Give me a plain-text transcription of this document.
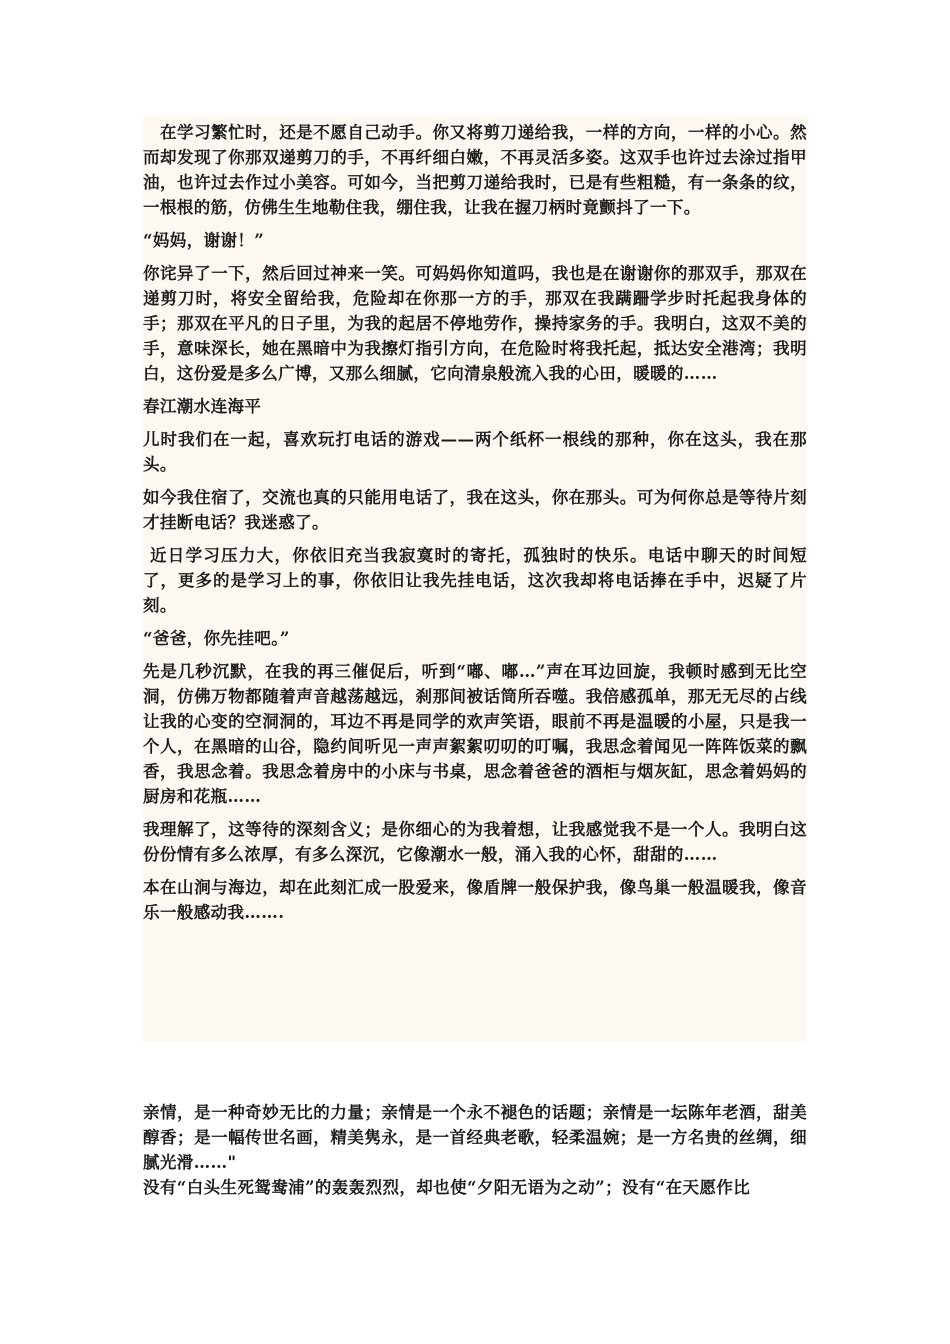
　在学习繁忙时，还是不愿自己动手。你又将剪刀递给我，一样的方向，一样的小心。然而却发现了你那双递剪刀的手，不再纤细白嫩，不再灵活多姿。这双手也许过去涂过指甲油，也许过去作过小美容。可如今，当把剪刀递给我时，已是有些粗糙，有一条条的纹，一根根的筋，仿佛生生地勒住我，绷住我，让我在握刀柄时竟颤抖了一下。

“妈妈，谢谢！”

你诧异了一下，然后回过神来一笑。可妈妈你知道吗，我也是在谢谢你的那双手，那双在递剪刀时，将安全留给我，危险却在你那一方的手，那双在我蹒跚学步时托起我身体的手；那双在平凡的日子里，为我的起居不停地劳作，操持家务的手。我明白，这双不美的手，意味深长，她在黑暗中为我擦灯指引方向，在危险时将我托起，抵达安全港湾；我明白，这份爱是多么广博，又那么细腻，它向清泉般流入我的心田，暖暖的……

春江潮水连海平

儿时我们在一起，喜欢玩打电话的游戏——两个纸杯一根线的那种，你在这头，我在那头。

如今我住宿了，交流也真的只能用电话了，我在这头，你在那头。可为何你总是等待片刻才挂断电话？我迷惑了。

近日学习压力大，你依旧充当我寂寞时的寄托，孤独时的快乐。电话中聊天的时间短了，更多的是学习上的事，你依旧让我先挂电话，这次我却将电话捧在手中，迟疑了片刻。

“爸爸，你先挂吧。”

先是几秒沉默，在我的再三催促后，听到“嘟、嘟…”声在耳边回旋，我顿时感到无比空洞，仿佛万物都随着声音越荡越远，刹那间被话筒所吞噬。我倍感孤单，那无无尽的占线让我的心变的空洞洞的，耳边不再是同学的欢声笑语，眼前不再是温暖的小屋，只是我一个人，在黑暗的山谷，隐约间听见一声声絮絮叨叨的叮嘱，我思念着闻见一阵阵饭菜的飘香，我思念着。我思念着房中的小床与书桌，思念着爸爸的酒柜与烟灰缸，思念着妈妈的厨房和花瓶……

我理解了，这等待的深刻含义；是你细心的为我着想，让我感觉我不是一个人。我明白这份份情有多么浓厚，有多么深沉，它像潮水一般，涌入我的心怀，甜甜的……

本在山涧与海边，却在此刻汇成一股爱来，像盾牌一般保护我，像鸟巢一般温暖我，像音乐一般感动我…….

亲情，是一种奇妙无比的力量；亲情是一个永不褪色的话题；亲情是一坛陈年老酒，甜美醇香；是一幅传世名画，精美隽永，是一首经典老歌，轻柔温婉；是一方名贵的丝绸，细腻光滑……"

没有“白头生死鸳鸯浦”的轰轰烈烈，却也使“夕阳无语为之动”；没有“在天愿作比
